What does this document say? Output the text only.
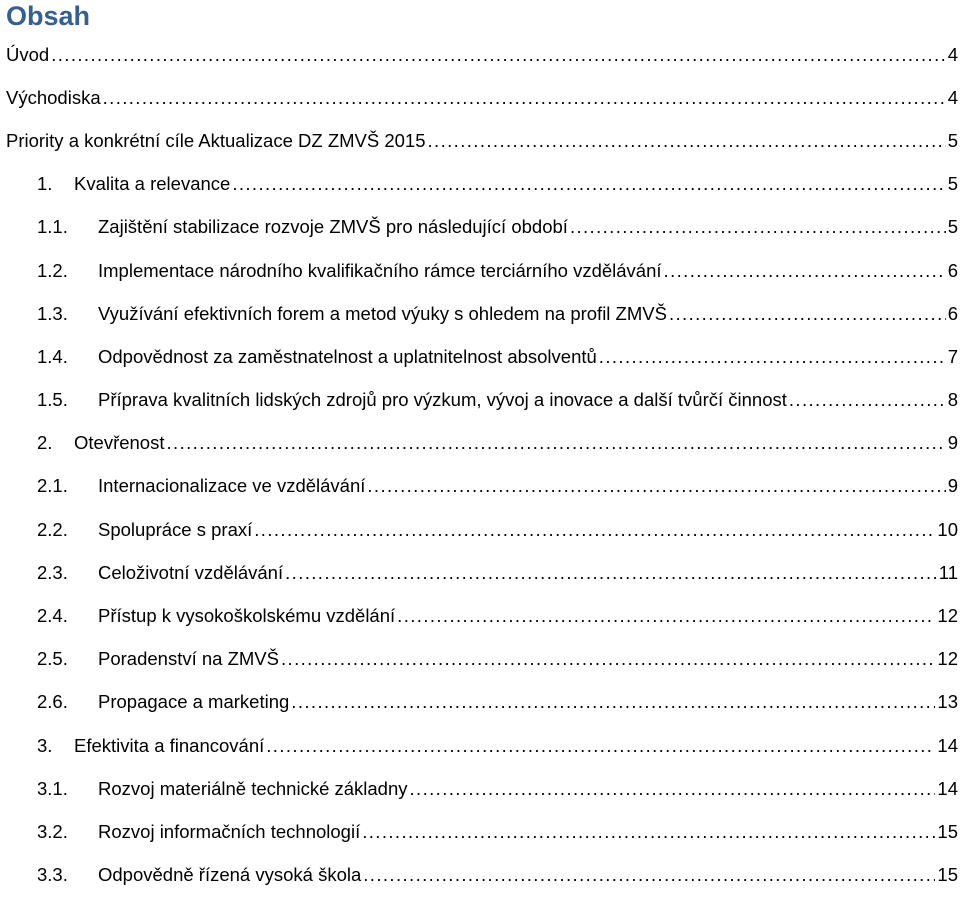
Obsah
Úvod .....	4
Východiska .....	4
Priority a konkrétní cíle Aktualizace DZ ZMVŠ 2015 .....	5
1.	Kvalita a relevance .....	5
1.1.	Zajištění stabilizace rozvoje ZMVŠ pro následující období .....	5
1.2.	Implementace národního kvalifikačního rámce terciárního vzdělávání .....	6
1.3.	Využívání efektivních forem a metod výuky s ohledem na profil ZMVŠ .....	6
1.4.	Odpovědnost za zaměstnatelnost a uplatnitelnost absolventů .....	7
1.5.	Příprava kvalitních lidských zdrojů pro výzkum, vývoj a inovace a další tvůrčí činnost .....	8
2.	Otevřenost .....	9
2.1.	Internacionalizace ve vzdělávání .....	9
2.2.	Spolupráce s praxí .....	10
2.3.	Celoživotní vzdělávání .....	11
2.4.	Přístup k vysokoškolskému vzdělání .....	12
2.5.	Poradenství na ZMVŠ .....	12
2.6.	Propagace a marketing .....	13
3.	Efektivita a financování .....	14
3.1.	Rozvoj materiálně technické základny .....	14
3.2.	Rozvoj informačních technologií .....	15
3.3.	Odpovědně řízená vysoká škola .....	15
